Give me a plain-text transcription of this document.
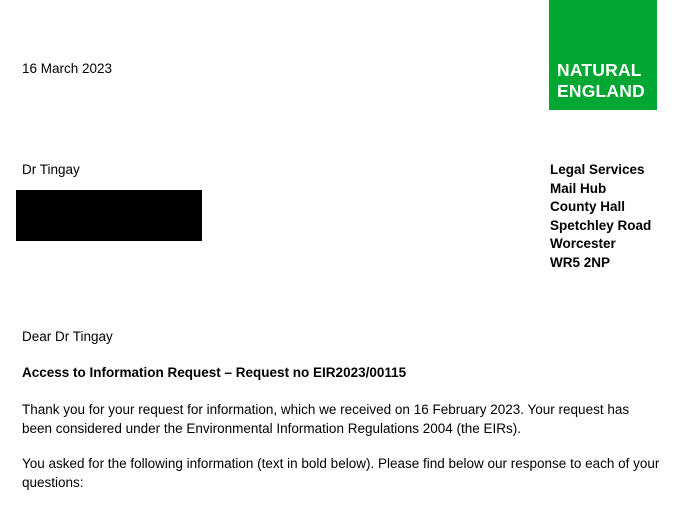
NATURAL
ENGLAND
16 March 2023
Dr Tingay	Legal Services
Mail Hub
County Hall
Spetchley Road
Worcester
WR5 2NP

Dear Dr Tingay

Access to Information Request – Request no EIR2023/00115

Thank you for your request for information, which we received on 16 February 2023. Your request has been considered under the Environmental Information Regulations 2004 (the EIRs).

You asked for the following information (text in bold below). Please find below our response to each of your questions:
